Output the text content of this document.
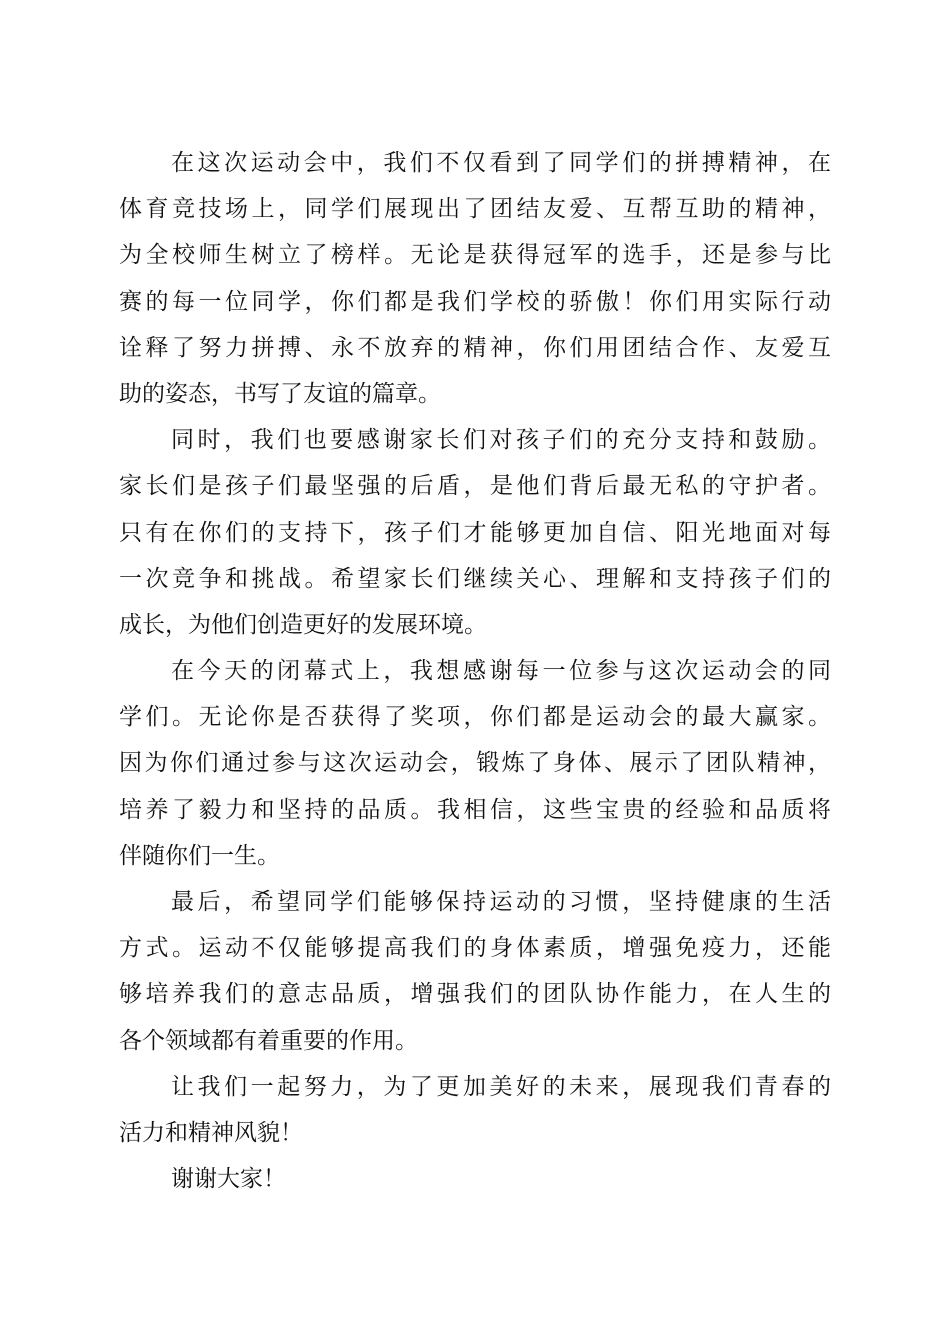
在这次运动会中，我们不仅看到了同学们的拼搏精神，在
体育竞技场上，同学们展现出了团结友爱、互帮互助的精神，
为全校师生树立了榜样。无论是获得冠军的选手，还是参与比
赛的每一位同学，你们都是我们学校的骄傲！你们用实际行动
诠释了努力拼搏、永不放弃的精神，你们用团结合作、友爱互
助的姿态，书写了友谊的篇章。
同时，我们也要感谢家长们对孩子们的充分支持和鼓励。
家长们是孩子们最坚强的后盾，是他们背后最无私的守护者。
只有在你们的支持下，孩子们才能够更加自信、阳光地面对每
一次竞争和挑战。希望家长们继续关心、理解和支持孩子们的
成长，为他们创造更好的发展环境。
在今天的闭幕式上，我想感谢每一位参与这次运动会的同
学们。无论你是否获得了奖项，你们都是运动会的最大赢家。
因为你们通过参与这次运动会，锻炼了身体、展示了团队精神，
培养了毅力和坚持的品质。我相信，这些宝贵的经验和品质将
伴随你们一生。
最后，希望同学们能够保持运动的习惯，坚持健康的生活
方式。运动不仅能够提高我们的身体素质，增强免疫力，还能
够培养我们的意志品质，增强我们的团队协作能力，在人生的
各个领域都有着重要的作用。
让我们一起努力，为了更加美好的未来，展现我们青春的
活力和精神风貌！
谢谢大家！
